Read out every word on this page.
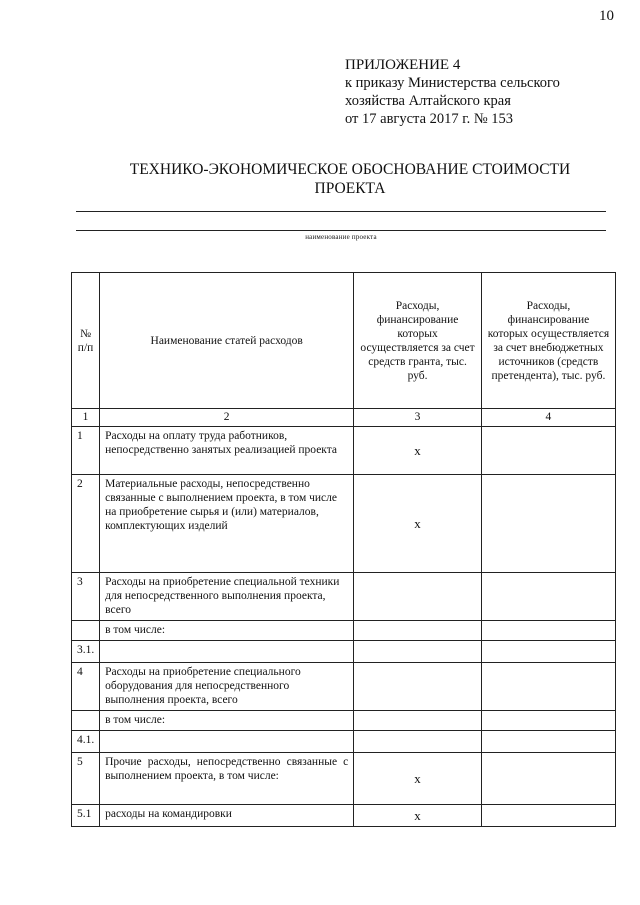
10
ПРИЛОЖЕНИЕ 4
к приказу Министерства сельского
хозяйства Алтайского края
от 17 августа 2017 г. № 153
ТЕХНИКО-ЭКОНОМИЧЕСКОЕ ОБОСНОВАНИЕ СТОИМОСТИ
ПРОЕКТА
наименование проекта
№ п/п	Наименование статей расходов	Расходы, финансирование которых осуществляется за счет средств гранта, тыс. руб.	Расходы, финансирование которых осуществляется за счет внебюджетных источников (средств претендента), тыс. руб.
1	2	3	4
1	Расходы на оплату труда работников, непосредственно занятых реализацией проекта	x	
2	Материальные расходы, непосредственно связанные с выполнением проекта, в том числе на приобретение сырья и (или) материалов, комплектующих изделий	x	
3	Расходы на приобретение специальной техники для непосредственного выполнения проекта, всего		
	в том числе:		
3.1.			
4	Расходы на приобретение специального оборудования для непосредственного выполнения проекта, всего		
	в том числе:		
4.1.			
5	Прочие расходы, непосредственно связанные с выполнением проекта, в том числе:	x	
5.1	расходы на командировки	x	
